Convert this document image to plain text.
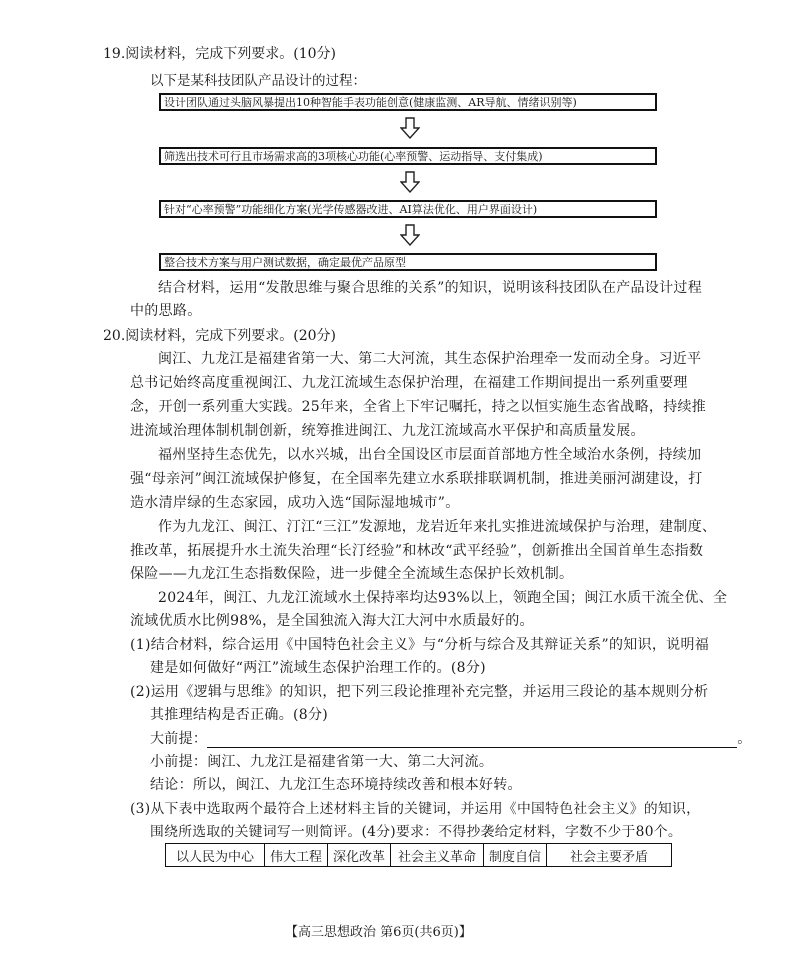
19.阅读材料，完成下列要求。(10分)
以下是某科技团队产品设计的过程：
设计团队通过头脑风暴提出10种智能手表功能创意(健康监测、AR导航、情绪识别等)
筛选出技术可行且市场需求高的3项核心功能(心率预警、运动指导、支付集成)
针对“心率预警”功能细化方案(光学传感器改进、AI算法优化、用户界面设计)
整合技术方案与用户测试数据，确定最优产品原型
结合材料，运用“发散思维与聚合思维的关系”的知识，说明该科技团队在产品设计过程
中的思路。
20.阅读材料，完成下列要求。(20分)
闽江、九龙江是福建省第一大、第二大河流，其生态保护治理牵一发而动全身。习近平
总书记始终高度重视闽江、九龙江流域生态保护治理，在福建工作期间提出一系列重要理
念，开创一系列重大实践。25年来，全省上下牢记嘱托，持之以恒实施生态省战略，持续推
进流域治理体制机制创新，统筹推进闽江、九龙江流域高水平保护和高质量发展。
福州坚持生态优先，以水兴城，出台全国设区市层面首部地方性全域治水条例，持续加
强“母亲河”闽江流域保护修复，在全国率先建立水系联排联调机制，推进美丽河湖建设，打
造水清岸绿的生态家园，成功入选“国际湿地城市”。
作为九龙江、闽江、汀江“三江”发源地，龙岩近年来扎实推进流域保护与治理，建制度、
推改革，拓展提升水土流失治理“长汀经验”和林改“武平经验”，创新推出全国首单生态指数
保险——九龙江生态指数保险，进一步健全全流域生态保护长效机制。
2024年，闽江、九龙江流域水土保持率均达93%以上，领跑全国；闽江水质干流全优、全
流域优质水比例98%，是全国独流入海大江大河中水质最好的。
(1)结合材料，综合运用《中国特色社会主义》与“分析与综合及其辩证关系”的知识，说明福
建是如何做好“两江”流域生态保护治理工作的。(8分)
(2)运用《逻辑与思维》的知识，把下列三段论推理补充完整，并运用三段论的基本规则分析
其推理结构是否正确。(8分)
大前提：	。
小前提：闽江、九龙江是福建省第一大、第二大河流。
结论：所以，闽江、九龙江生态环境持续改善和根本好转。
(3)从下表中选取两个最符合上述材料主旨的关键词，并运用《中国特色社会主义》的知识，
围绕所选取的关键词写一则简评。(4分)要求：不得抄袭给定材料，字数不少于80个。
以人民为中心	伟大工程	深化改革	社会主义革命	制度自信	社会主要矛盾
【高三思想政治 第6页(共6页)】
